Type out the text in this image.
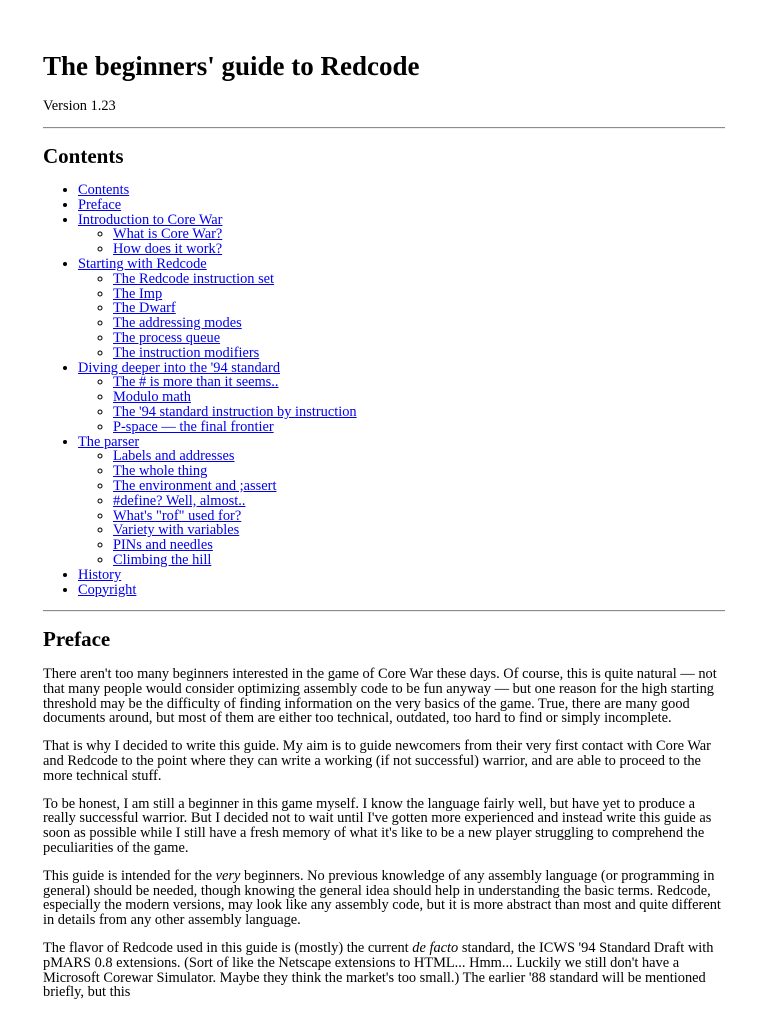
The beginners' guide to Redcode

Version 1.23

Contents
• Contents
• Preface
• Introduction to Core War
◦ What is Core War?
◦ How does it work?
• Starting with Redcode
◦ The Redcode instruction set
◦ The Imp
◦ The Dwarf
◦ The addressing modes
◦ The process queue
◦ The instruction modifiers
• Diving deeper into the '94 standard
◦ The # is more than it seems..
◦ Modulo math
◦ The '94 standard instruction by instruction
◦ P-space — the final frontier
• The parser
◦ Labels and addresses
◦ The whole thing
◦ The environment and ;assert
◦ #define? Well, almost..
◦ What's "rof" used for?
◦ Variety with variables
◦ PINs and needles
◦ Climbing the hill
• History
• Copyright
Preface

There aren't too many beginners interested in the game of Core War these days. Of course, this is quite natural — not that many people would consider optimizing assembly code to be fun anyway — but one reason for the high starting threshold may be the difficulty of finding information on the very basics of the game. True, there are many good documents around, but most of them are either too technical, outdated, too hard to find or simply incomplete.

That is why I decided to write this guide. My aim is to guide newcomers from their very first contact with Core War and Redcode to the point where they can write a working (if not successful) warrior, and are able to proceed to the more technical stuff.

To be honest, I am still a beginner in this game myself. I know the language fairly well, but have yet to produce a really successful warrior. But I decided not to wait until I've gotten more experienced and instead write this guide as soon as possible while I still have a fresh memory of what it's like to be a new player struggling to comprehend the peculiarities of the game.

This guide is intended for the very beginners. No previous knowledge of any assembly language (or programming in general) should be needed, though knowing the general idea should help in understanding the basic terms. Redcode, especially the modern versions, may look like any assembly code, but it is more abstract than most and quite different in details from any other assembly language.

The flavor of Redcode used in this guide is (mostly) the current de facto standard, the ICWS '94 Standard Draft with pMARS 0.8 extensions. (Sort of like the Netscape extensions to HTML... Hmm... Luckily we still don't have a Microsoft Corewar Simulator. Maybe they think the market's too small.) The earlier '88 standard will be mentioned briefly, but this
